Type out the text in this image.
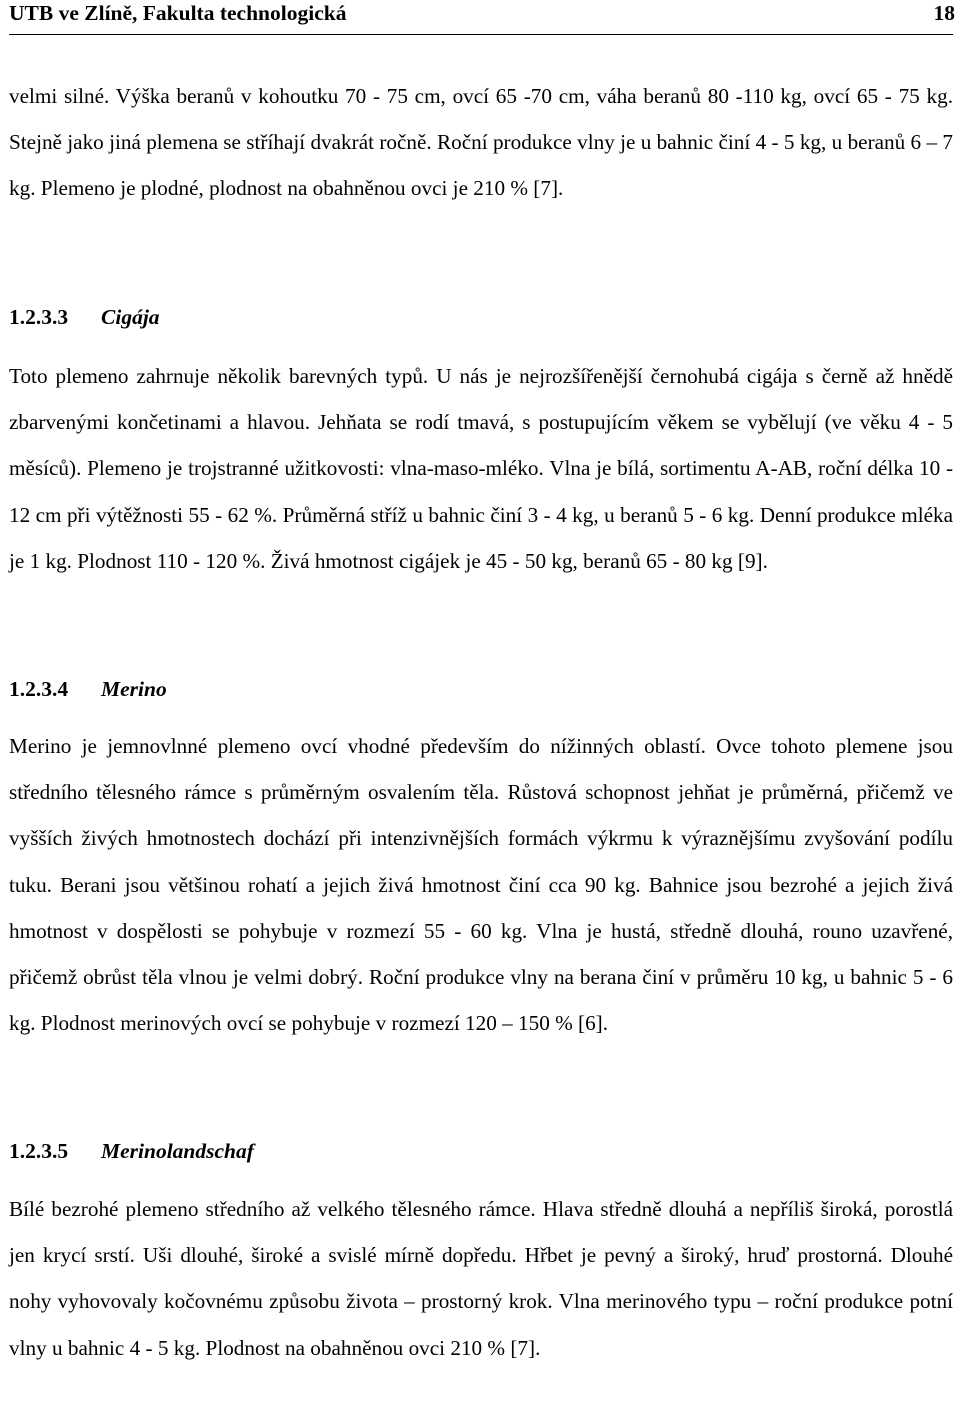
UTB ve Zlíně, Fakulta technologická	18

velmi silné. Výška beranů v kohoutku 70 - 75 cm, ovcí 65 -70 cm, váha beranů 80 -110 kg, ovcí 65 - 75 kg. Stejně jako jiná plemena se stříhají dvakrát ročně. Roční produkce vlny je u bahnic činí 4 - 5 kg, u beranů 6 – 7 kg. Plemeno je plodné, plodnost na obahněnou ovci je 210 % [7].

1.2.3.3 Cigája

Toto plemeno zahrnuje několik barevných typů. U nás je nejrozšířenější černohubá cigája s černě až hnědě zbarvenými končetinami a hlavou. Jehňata se rodí tmavá, s postupujícím věkem se vybělují (ve věku 4 - 5 měsíců). Plemeno je trojstranné užitkovosti: vlna-maso-mléko. Vlna je bílá, sortimentu A-AB, roční délka 10 - 12 cm při výtěžnosti 55 - 62 %. Průměrná stříž u bahnic činí 3 - 4 kg, u beranů 5 - 6 kg. Denní produkce mléka je 1 kg. Plodnost 110 - 120 %. Živá hmotnost cigájek je 45 - 50 kg, beranů 65 - 80 kg [9].

1.2.3.4 Merino

Merino je jemnovlnné plemeno ovcí vhodné především do nížinných oblastí. Ovce tohoto plemene jsou středního tělesného rámce s průměrným osvalením těla. Růstová schopnost jehňat je průměrná, přičemž ve vyšších živých hmotnostech dochází při intenzivnějších formách výkrmu k výraznějšímu zvyšování podílu tuku. Berani jsou většinou rohatí a jejich živá hmotnost činí cca 90 kg. Bahnice jsou bezrohé a jejich živá hmotnost v dospělosti se pohybuje v rozmezí 55 - 60 kg. Vlna je hustá, středně dlouhá, rouno uzavřené, přičemž obrůst těla vlnou je velmi dobrý. Roční produkce vlny na berana činí v průměru 10 kg, u bahnic 5 - 6 kg. Plodnost merinových ovcí se pohybuje v rozmezí 120 – 150 % [6].

1.2.3.5 Merinolandschaf

Bílé bezrohé plemeno středního až velkého tělesného rámce. Hlava středně dlouhá a nepříliš široká, porostlá jen krycí srstí. Uši dlouhé, široké a svislé mírně dopředu. Hřbet je pevný a široký, hruď prostorná. Dlouhé nohy vyhovovaly kočovnému způsobu života – prostorný krok. Vlna merinového typu – roční produkce potní vlny u bahnic 4 - 5 kg. Plodnost na obahněnou ovci 210 % [7].
